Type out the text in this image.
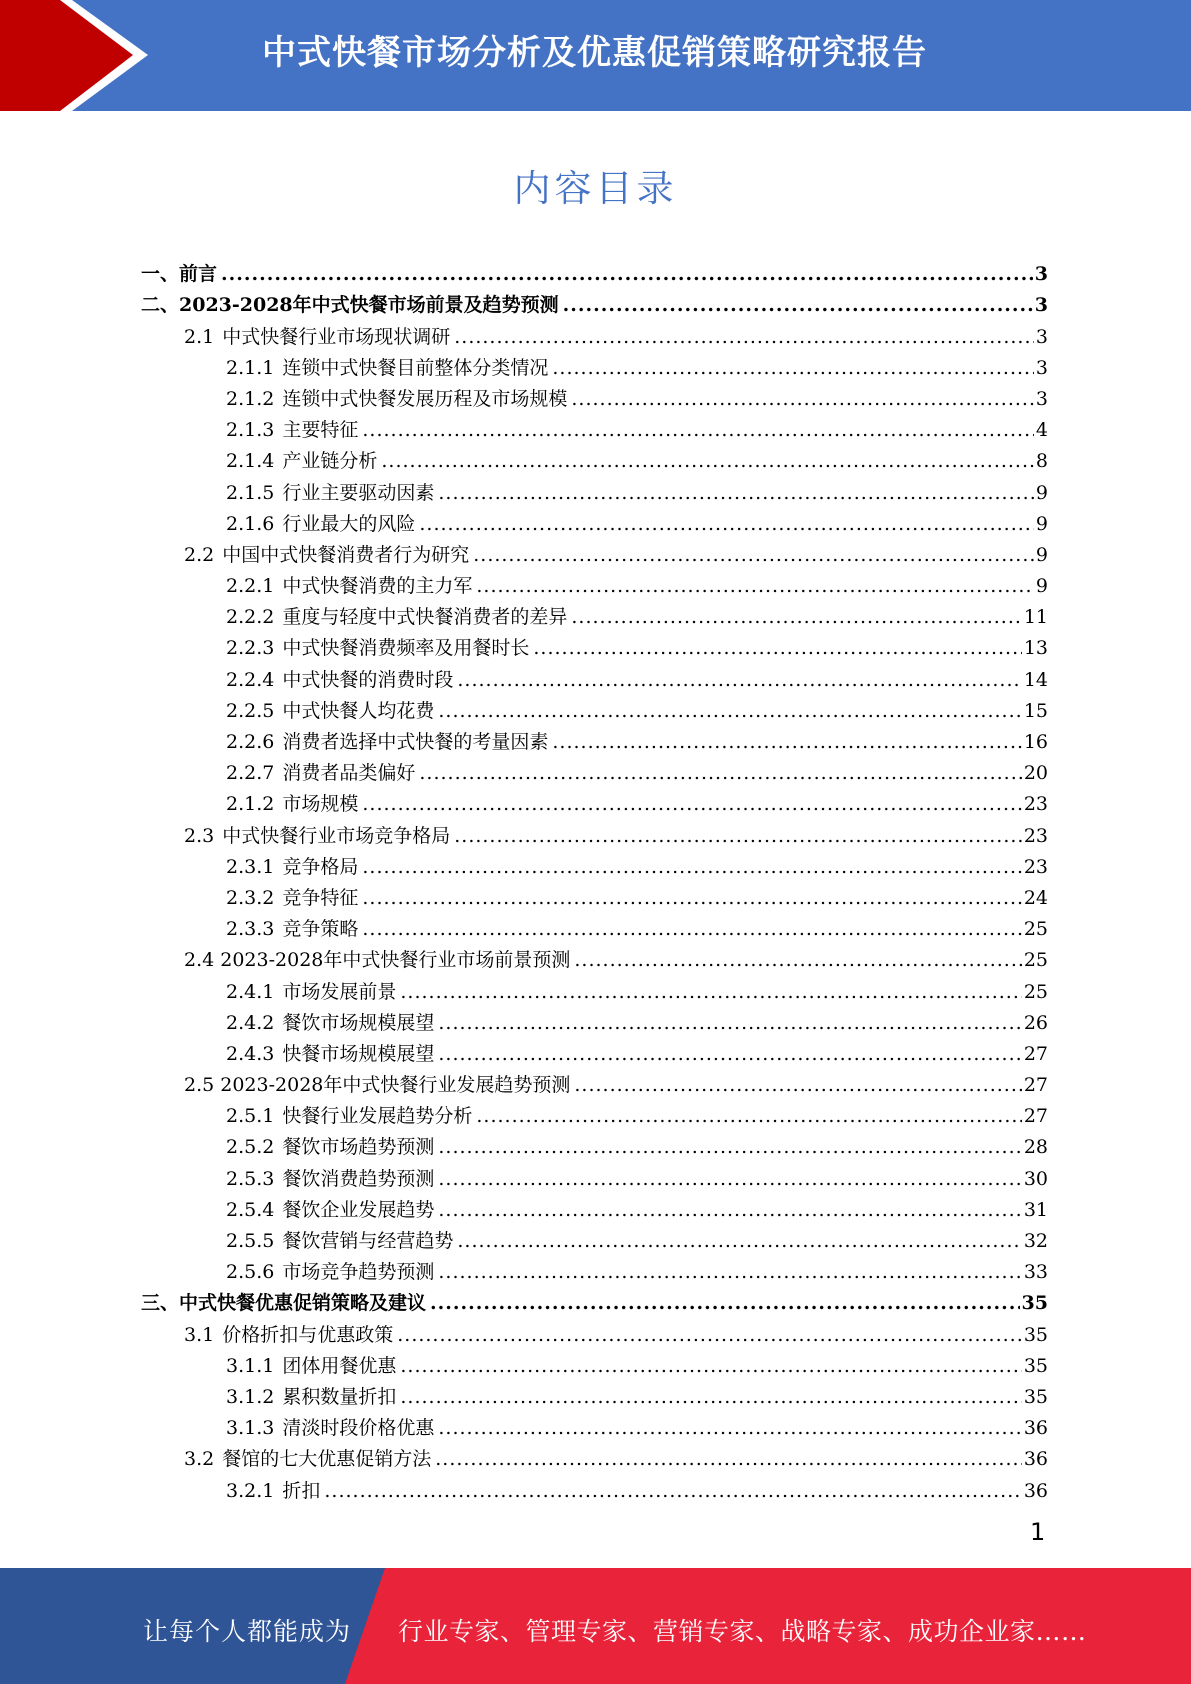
中式快餐市场分析及优惠促销策略研究报告
内容目录
一、前言 .....	3
二、2023-2028年中式快餐市场前景及趋势预测 .....	3
2.1 中式快餐行业市场现状调研 .....	3
2.1.1 连锁中式快餐目前整体分类情况 .....	3
2.1.2 连锁中式快餐发展历程及市场规模 .....	3
2.1.3 主要特征 .....	4
2.1.4 产业链分析 .....	8
2.1.5 行业主要驱动因素 .....	9
2.1.6 行业最大的风险 .....	9
2.2 中国中式快餐消费者行为研究 .....	9
2.2.1 中式快餐消费的主力军 .....	9
2.2.2 重度与轻度中式快餐消费者的差异 .....	11
2.2.3 中式快餐消费频率及用餐时长 .....	13
2.2.4 中式快餐的消费时段 .....	14
2.2.5 中式快餐人均花费 .....	15
2.2.6 消费者选择中式快餐的考量因素 .....	16
2.2.7 消费者品类偏好 .....	20
2.1.2 市场规模 .....	23
2.3 中式快餐行业市场竞争格局 .....	23
2.3.1 竞争格局 .....	23
2.3.2 竞争特征 .....	24
2.3.3 竞争策略 .....	25
2.4 2023-2028年中式快餐行业市场前景预测 .....	25
2.4.1 市场发展前景 .....	25
2.4.2 餐饮市场规模展望 .....	26
2.4.3 快餐市场规模展望 .....	27
2.5 2023-2028年中式快餐行业发展趋势预测 .....	27
2.5.1 快餐行业发展趋势分析 .....	27
2.5.2 餐饮市场趋势预测 .....	28
2.5.3 餐饮消费趋势预测 .....	30
2.5.4 餐饮企业发展趋势 .....	31
2.5.5 餐饮营销与经营趋势 .....	32
2.5.6 市场竞争趋势预测 .....	33
三、中式快餐优惠促销策略及建议 .....	35
3.1 价格折扣与优惠政策 .....	35
3.1.1 团体用餐优惠 .....	35
3.1.2 累积数量折扣 .....	35
3.1.3 清淡时段价格优惠 .....	36
3.2 餐馆的七大优惠促销方法 .....	36
3.2.1 折扣 .....	36
1
让每个人都能成为 行业专家、管理专家、营销专家、战略专家、成功企业家……
